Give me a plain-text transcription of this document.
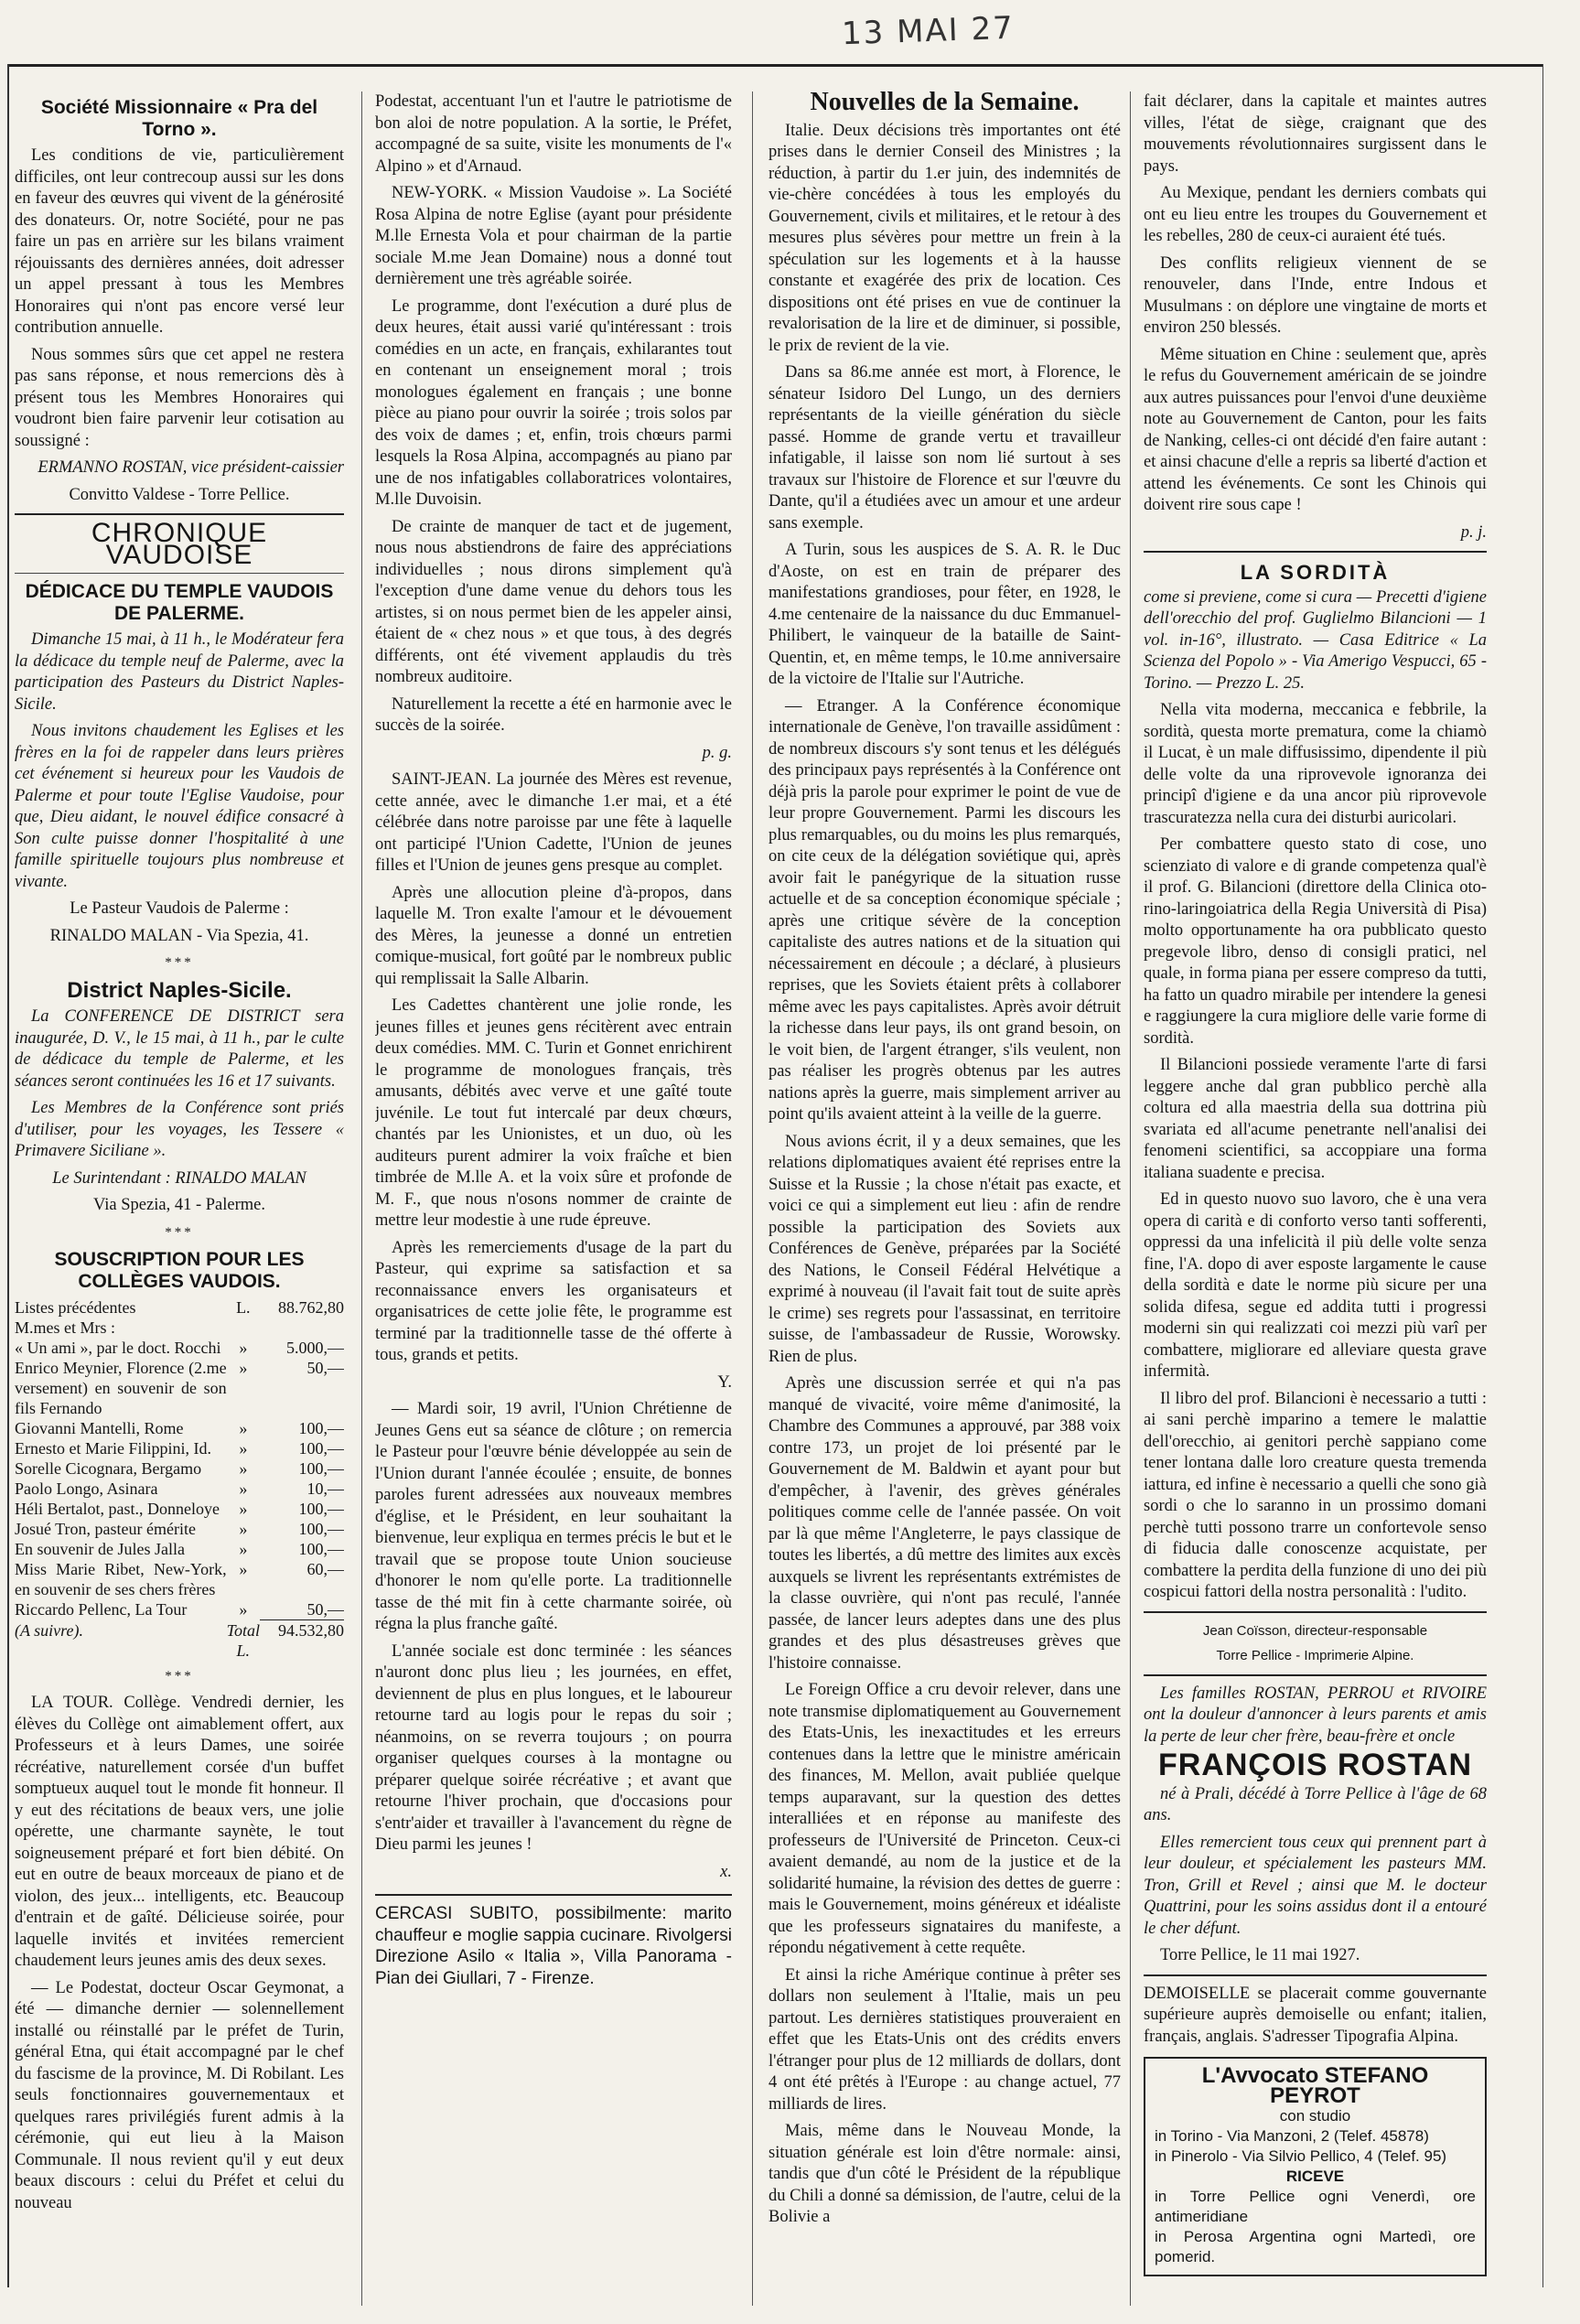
13 MAI 27
Société Missionnaire « Pra del Torno ».

Les conditions de vie, particulièrement difficiles, ont leur contrecoup aussi sur les dons en faveur des œuvres qui vivent de la générosité des donateurs. Or, notre Société, pour ne pas faire un pas en arrière sur les bilans vraiment réjouissants des dernières années, doit adresser un appel pressant à tous les Membres Honoraires qui n'ont pas encore versé leur contribution annuelle.

Nous sommes sûrs que cet appel ne restera pas sans réponse, et nous remercions dès à présent tous les Membres Honoraires qui voudront bien faire parvenir leur cotisation au soussigné :

ERMANNO ROSTAN, vice président-caissier

Convitto Valdese - Torre Pellice.

CHRONIQUE VAUDOISE
DÉDICACE DU TEMPLE VAUDOIS DE PALERME.

Dimanche 15 mai, à 11 h., le Modérateur fera la dédicace du temple neuf de Palerme, avec la participation des Pasteurs du District Naples-Sicile.

Nous invitons chaudement les Eglises et les frères en la foi de rappeler dans leurs prières cet événement si heureux pour les Vaudois de Palerme et pour toute l'Eglise Vaudoise, pour que, Dieu aidant, le nouvel édifice consacré à Son culte puisse donner l'hospitalité à une famille spirituelle toujours plus nombreuse et vivante.

Le Pasteur Vaudois de Palerme :

RINALDO MALAN - Via Spezia, 41.

***
District Naples-Sicile.

La CONFERENCE DE DISTRICT sera inaugurée, D. V., le 15 mai, à 11 h., par le culte de dédicace du temple de Palerme, et les séances seront continuées les 16 et 17 suivants.

Les Membres de la Conférence sont priés d'utiliser, pour les voyages, les Tessere « Primavere Siciliane ».

Le Surintendant : RINALDO MALAN

Via Spezia, 41 - Palerme.

***
SOUSCRIPTION POUR LES COLLÈGES VAUDOIS.
Listes précédentes	L.	88.762,80
M.mes et Mrs :		
« Un ami », par le doct. Rocchi	»	5.000,—
Enrico Meynier, Florence (2.me versement) en souvenir de son fils Fernando	»	50,—
Giovanni Mantelli, Rome	»	100,—
Ernesto et Marie Filippini, Id.	»	100,—
Sorelle Cicognara, Bergamo	»	100,—
Paolo Longo, Asinara	»	10,—
Héli Bertalot, past., Donneloye	»	100,—
Josué Tron, pasteur émérite	»	100,—
En souvenir de Jules Jalla	»	100,—
Miss Marie Ribet, New-York, en souvenir de ses chers frères	»	60,—
Riccardo Pellenc, La Tour	»	50,—
(A suivre).	Total L.	94.532,80
***

LA TOUR. Collège. Vendredi dernier, les élèves du Collège ont aimablement offert, aux Professeurs et à leurs Dames, une soirée récréative, naturellement corsée d'un buffet somptueux auquel tout le monde fit honneur. Il y eut des récitations de beaux vers, une jolie opérette, une charmante saynète, le tout soigneusement préparé et fort bien débité. On eut en outre de beaux morceaux de piano et de violon, des jeux... intelligents, etc. Beaucoup d'entrain et de gaîté. Délicieuse soirée, pour laquelle invités et invitées remercient chaudement leurs jeunes amis des deux sexes.

— Le Podestat, docteur Oscar Geymonat, a été — dimanche dernier — solennellement installé ou réinstallé par le préfet de Turin, général Etna, qui était accompagné par le chef du fascisme de la province, M. Di Robilant. Les seuls fonctionnaires gouvernementaux et quelques rares privilégiés furent admis à la cérémonie, qui eut lieu à la Maison Communale. Il nous revient qu'il y eut deux beaux discours : celui du Préfet et celui du nouveau

Podestat, accentuant l'un et l'autre le patriotisme de bon aloi de notre population. A la sortie, le Préfet, accompagné de sa suite, visite les monuments de l'« Alpino » et d'Arnaud.

NEW-YORK. « Mission Vaudoise ». La Société Rosa Alpina de notre Eglise (ayant pour présidente M.lle Ernesta Vola et pour chairman de la partie sociale M.me Jean Domaine) nous a donné tout dernièrement une très agréable soirée.

Le programme, dont l'exécution a duré plus de deux heures, était aussi varié qu'intéressant : trois comédies en un acte, en français, exhilarantes tout en contenant un enseignement moral ; trois monologues également en français ; une bonne pièce au piano pour ouvrir la soirée ; trois solos par des voix de dames ; et, enfin, trois chœurs parmi lesquels la Rosa Alpina, accompagnés au piano par une de nos infatigables collaboratrices volontaires, M.lle Duvoisin.

De crainte de manquer de tact et de jugement, nous nous abstiendrons de faire des appréciations individuelles ; nous dirons simplement qu'à l'exception d'une dame venue du dehors tous les artistes, si on nous permet bien de les appeler ainsi, étaient de « chez nous » et que tous, à des degrés différents, ont été vivement applaudis du très nombreux auditoire.

Naturellement la recette a été en harmonie avec le succès de la soirée.

p. g.

SAINT-JEAN. La journée des Mères est revenue, cette année, avec le dimanche 1.er mai, et a été célébrée dans notre paroisse par une fête à laquelle ont participé l'Union Cadette, l'Union de jeunes filles et l'Union de jeunes gens presque au complet.

Après une allocution pleine d'à-propos, dans laquelle M. Tron exalte l'amour et le dévouement des Mères, la jeunesse a donné un entretien comique-musical, fort goûté par le nombreux public qui remplissait la Salle Albarin.

Les Cadettes chantèrent une jolie ronde, les jeunes filles et jeunes gens récitèrent avec entrain deux comédies. MM. C. Turin et Gonnet enrichirent le programme de monologues français, très amusants, débités avec verve et une gaîté toute juvénile. Le tout fut intercalé par deux chœurs, chantés par les Unionistes, et un duo, où les auditeurs purent admirer la voix fraîche et bien timbrée de M.lle A. et la voix sûre et profonde de M. F., que nous n'osons nommer de crainte de mettre leur modestie à une rude épreuve.

Après les remerciements d'usage de la part du Pasteur, qui exprime sa satisfaction et sa reconnaissance envers les organisateurs et organisatrices de cette jolie fête, le programme est terminé par la traditionnelle tasse de thé offerte à tous, grands et petits.

Y.

— Mardi soir, 19 avril, l'Union Chrétienne de Jeunes Gens eut sa séance de clôture ; on remercia le Pasteur pour l'œuvre bénie développée au sein de l'Union durant l'année écoulée ; ensuite, de bonnes paroles furent adressées aux nouveaux membres d'église, et le Président, en leur souhaitant la bienvenue, leur expliqua en termes précis le but et le travail que se propose toute Union soucieuse d'honorer le nom qu'elle porte. La traditionnelle tasse de thé mit fin à cette charmante soirée, où régna la plus franche gaîté.

L'année sociale est donc terminée : les séances n'auront donc plus lieu ; les journées, en effet, deviennent de plus en plus longues, et le laboureur retourne tard au logis pour le repas du soir ; néanmoins, on se reverra toujours ; on pourra organiser quelques courses à la montagne ou préparer quelque soirée récréative ; et avant que retourne l'hiver prochain, que d'occasions pour s'entr'aider et travailler à l'avancement du règne de Dieu parmi les jeunes !

x.

CERCASI SUBITO, possibilmente: marito chauffeur e moglie sappia cucinare. Rivolgersi Direzione Asilo « Italia », Villa Panorama - Pian dei Giullari, 7 - Firenze.

Nouvelles de la Semaine.

Italie. Deux décisions très importantes ont été prises dans le dernier Conseil des Ministres ; la réduction, à partir du 1.er juin, des indemnités de vie-chère concédées à tous les employés du Gouvernement, civils et militaires, et le retour à des mesures plus sévères pour mettre un frein à la spéculation sur les logements et à la hausse constante et exagérée des prix de location. Ces dispositions ont été prises en vue de continuer la revalorisation de la lire et de diminuer, si possible, le prix de revient de la vie.

Dans sa 86.me année est mort, à Florence, le sénateur Isidoro Del Lungo, un des derniers représentants de la vieille génération du siècle passé. Homme de grande vertu et travailleur infatigable, il laisse son nom lié surtout à ses travaux sur l'histoire de Florence et sur l'œuvre du Dante, qu'il a étudiées avec un amour et une ardeur sans exemple.

A Turin, sous les auspices de S. A. R. le Duc d'Aoste, on est en train de préparer des manifestations grandioses, pour fêter, en 1928, le 4.me centenaire de la naissance du duc Emmanuel-Philibert, le vainqueur de la bataille de Saint-Quentin, et, en même temps, le 10.me anniversaire de la victoire de l'Italie sur l'Autriche.

— Etranger. A la Conférence économique internationale de Genève, l'on travaille assidûment : de nombreux discours s'y sont tenus et les délégués des principaux pays représentés à la Conférence ont déjà pris la parole pour exprimer le point de vue de leur propre Gouvernement. Parmi les discours les plus remarquables, ou du moins les plus remarqués, on cite ceux de la délégation soviétique qui, après avoir fait le panégyrique de la situation russe actuelle et de sa conception économique spéciale ; après une critique sévère de la conception capitaliste des autres nations et de la situation qui nécessairement en découle ; a déclaré, à plusieurs reprises, que les Soviets étaient prêts à collaborer même avec les pays capitalistes. Après avoir détruit la richesse dans leur pays, ils ont grand besoin, on le voit bien, de l'argent étranger, s'ils veulent, non pas réaliser les progrès obtenus par les autres nations après la guerre, mais simplement arriver au point qu'ils avaient atteint à la veille de la guerre.

Nous avions écrit, il y a deux semaines, que les relations diplomatiques avaient été reprises entre la Suisse et la Russie ; la chose n'était pas exacte, et voici ce qui a simplement eut lieu : afin de rendre possible la participation des Soviets aux Conférences de Genève, préparées par la Société des Nations, le Conseil Fédéral Helvétique a exprimé à nouveau (il l'avait fait tout de suite après le crime) ses regrets pour l'assassinat, en territoire suisse, de l'ambassadeur de Russie, Worowsky. Rien de plus.

Après une discussion serrée et qui n'a pas manqué de vivacité, voire même d'animosité, la Chambre des Communes a approuvé, par 388 voix contre 173, un projet de loi présenté par le Gouvernement de M. Baldwin et ayant pour but d'empêcher, à l'avenir, des grèves générales politiques comme celle de l'année passée. On voit par là que même l'Angleterre, le pays classique de toutes les libertés, a dû mettre des limites aux excès auxquels se livrent les représentants extrémistes de la classe ouvrière, qui n'ont pas reculé, l'année passée, de lancer leurs adeptes dans une des plus grandes et des plus désastreuses grèves que l'histoire connaisse.

Le Foreign Office a cru devoir relever, dans une note transmise diplomatiquement au Gouvernement des Etats-Unis, les inexactitudes et les erreurs contenues dans la lettre que le ministre américain des finances, M. Mellon, avait publiée quelque temps auparavant, sur la question des dettes interalliées et en réponse au manifeste des professeurs de l'Université de Princeton. Ceux-ci avaient demandé, au nom de la justice et de la solidarité humaine, la révision des dettes de guerre : mais le Gouvernement, moins généreux et idéaliste que les professeurs signataires du manifeste, a répondu négativement à cette requête.

Et ainsi la riche Amérique continue à prêter ses dollars non seulement à l'Italie, mais un peu partout. Les dernières statistiques prouveraient en effet que les Etats-Unis ont des crédits envers l'étranger pour plus de 12 milliards de dollars, dont 4 ont été prêtés à l'Europe : au change actuel, 77 milliards de lires.

Mais, même dans le Nouveau Monde, la situation générale est loin d'être normale: ainsi, tandis que d'un côté le Président de la république du Chili a donné sa démission, de l'autre, celui de la Bolivie a

fait déclarer, dans la capitale et maintes autres villes, l'état de siège, craignant que des mouvements révolutionnaires surgissent dans le pays.

Au Mexique, pendant les derniers combats qui ont eu lieu entre les troupes du Gouvernement et les rebelles, 280 de ceux-ci auraient été tués.

Des conflits religieux viennent de se renouveler, dans l'Inde, entre Indous et Musulmans : on déplore une vingtaine de morts et environ 250 blessés.

Même situation en Chine : seulement que, après le refus du Gouvernement américain de se joindre aux autres puissances pour l'envoi d'une deuxième note au Gouvernement de Canton, pour les faits de Nanking, celles-ci ont décidé d'en faire autant : et ainsi chacune d'elle a repris sa liberté d'action et attend les événements. Ce sont les Chinois qui doivent rire sous cape !

p. j.

LA SORDITÀ

come si previene, come si cura — Precetti d'igiene dell'orecchio del prof. Guglielmo Bilancioni — 1 vol. in-16°, illustrato. — Casa Editrice « La Scienza del Popolo » - Via Amerigo Vespucci, 65 - Torino. — Prezzo L. 25.

Nella vita moderna, meccanica e febbrile, la sordità, questa morte prematura, come la chiamò il Lucat, è un male diffusissimo, dipendente il più delle volte da una riprovevole ignoranza dei principî d'igiene e da una ancor più riprovevole trascuratezza nella cura dei disturbi auricolari.

Per combattere questo stato di cose, uno scienziato di valore e di grande competenza qual'è il prof. G. Bilancioni (direttore della Clinica oto-rino-laringoiatrica della Regia Università di Pisa) molto opportunamente ha ora pubblicato questo pregevole libro, denso di consigli pratici, nel quale, in forma piana per essere compreso da tutti, ha fatto un quadro mirabile per intendere la genesi e raggiungere la cura migliore delle varie forme di sordità.

Il Bilancioni possiede veramente l'arte di farsi leggere anche dal gran pubblico perchè alla coltura ed alla maestria della sua dottrina più svariata ed all'acume penetrante nell'analisi dei fenomeni scientifici, sa accoppiare una forma italiana suadente e precisa.

Ed in questo nuovo suo lavoro, che è una vera opera di carità e di conforto verso tanti sofferenti, oppressi da una infelicità il più delle volte senza fine, l'A. dopo di aver esposte largamente le cause della sordità e date le norme più sicure per una solida difesa, segue ed addita tutti i progressi moderni sin qui realizzati coi mezzi più varî per combattere, migliorare ed alleviare questa grave infermità.

Il libro del prof. Bilancioni è necessario a tutti : ai sani perchè imparino a temere le malattie dell'orecchio, ai genitori perchè sappiano come tener lontana dalle loro creature questa tremenda iattura, ed infine è necessario a quelli che sono già sordi o che lo saranno in un prossimo domani perchè tutti possono trarre un confortevole senso di fiducia dalle conoscenze acquistate, per combattere la perdita della funzione di uno dei più cospicui fattori della nostra personalità : l'udito.

Jean Coïsson, directeur-responsable

Torre Pellice - Imprimerie Alpine.

Les familles ROSTAN, PERROU et RIVOIRE ont la douleur d'annoncer à leurs parents et amis la perte de leur cher frère, beau-frère et oncle

FRANÇOIS ROSTAN

né à Prali, décédé à Torre Pellice à l'âge de 68 ans.

Elles remercient tous ceux qui prennent part à leur douleur, et spécialement les pasteurs MM. Tron, Grill et Revel ; ainsi que M. le docteur Quattrini, pour les soins assidus dont il a entouré le cher défunt.

Torre Pellice, le 11 mai 1927.

DEMOISELLE se placerait comme gouvernante supérieure auprès demoiselle ou enfant; italien, français, anglais. S'adresser Tipografia Alpina.

L'Avvocato STEFANO PEYROT
con studio
in Torino - Via Manzoni, 2 (Telef. 45878)
in Pinerolo - Via Silvio Pellico, 4 (Telef. 95)
RICEVE
in Torre Pellice ogni Venerdì, ore antimeridiane
in Perosa Argentina ogni Martedì, ore pomerid.
